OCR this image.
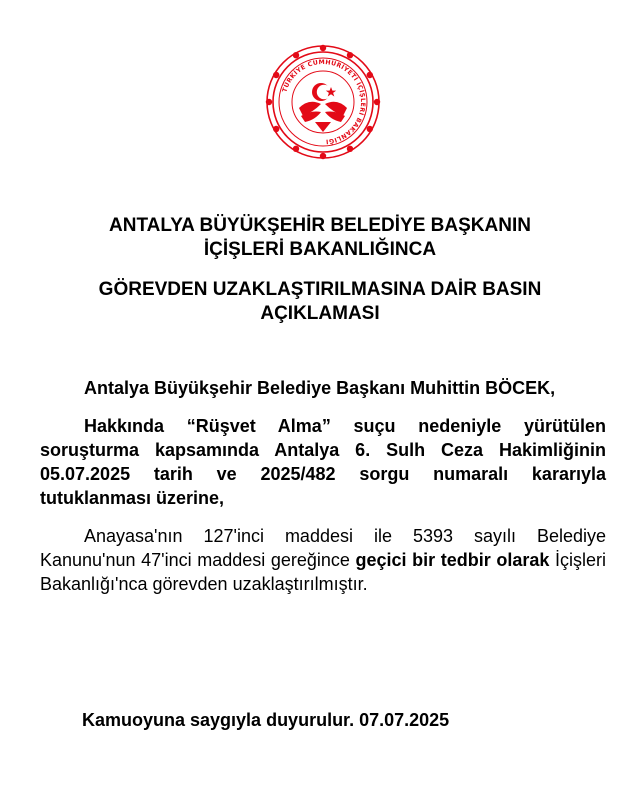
TÜRKİYE CUMHURİYETİ İÇİŞLERİ BAKANLIĞI
ANTALYA BÜYÜKŞEHİR BELEDİYE BAŞKANIN
İÇİŞLERİ BAKANLIĞINCA
GÖREVDEN UZAKLAŞTIRILMASINA DAİR BASIN
AÇIKLAMASI

Antalya Büyükşehir Belediye Başkanı Muhittin BÖCEK,

Hakkında “Rüşvet Alma” suçu nedeniyle yürütülen soruşturma kapsamında Antalya 6. Sulh Ceza Hakimliğinin 05.07.2025 tarih ve 2025/482 sorgu numaralı kararıyla tutuklanması üzerine,

Anayasa'nın 127'inci maddesi ile 5393 sayılı Belediye Kanunu'nun 47'inci maddesi gereğince geçici bir tedbir olarak İçişleri Bakanlığı'nca görevden uzaklaştırılmıştır.

Kamuoyuna saygıyla duyurulur. 07.07.2025
